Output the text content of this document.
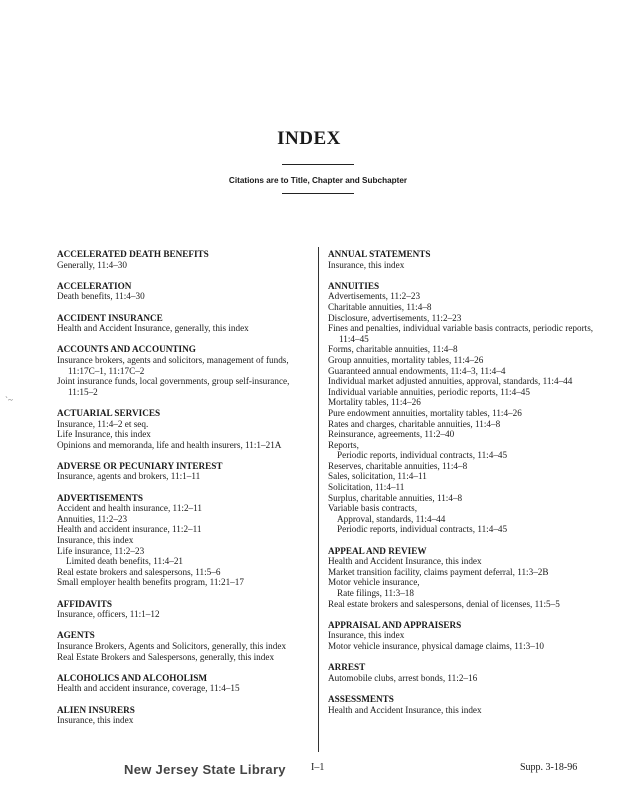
INDEX
Citations are to Title, Chapter and Subchapter
ACCELERATED DEATH BENEFITS
Generally, 11:4–30
ACCELERATION
Death benefits, 11:4–30
ACCIDENT INSURANCE
Health and Accident Insurance, generally, this index
ACCOUNTS AND ACCOUNTING
Insurance brokers, agents and solicitors, management of funds, 11:17C–1, 11:17C–2
Joint insurance funds, local governments, group self-insurance, 11:15–2
ACTUARIAL SERVICES
Insurance, 11:4–2 et seq.
Life Insurance, this index
Opinions and memoranda, life and health insurers, 11:1–21A
ADVERSE OR PECUNIARY INTEREST
Insurance, agents and brokers, 11:1–11
ADVERTISEMENTS
Accident and health insurance, 11:2–11
Annuities, 11:2–23
Health and accident insurance, 11:2–11
Insurance, this index
Life insurance, 11:2–23
Limited death benefits, 11:4–21
Real estate brokers and salespersons, 11:5–6
Small employer health benefits program, 11:21–17
AFFIDAVITS
Insurance, officers, 11:1–12
AGENTS
Insurance Brokers, Agents and Solicitors, generally, this index
Real Estate Brokers and Salespersons, generally, this index
ALCOHOLICS AND ALCOHOLISM
Health and accident insurance, coverage, 11:4–15
ALIEN INSURERS
Insurance, this index
ANNUAL STATEMENTS
Insurance, this index
ANNUITIES
Advertisements, 11:2–23
Charitable annuities, 11:4–8
Disclosure, advertisements, 11:2–23
Fines and penalties, individual variable basis contracts, periodic reports, 11:4–45
Forms, charitable annuities, 11:4–8
Group annuities, mortality tables, 11:4–26
Guaranteed annual endowments, 11:4–3, 11:4–4
Individual market adjusted annuities, approval, standards, 11:4–44
Individual variable annuities, periodic reports, 11:4–45
Mortality tables, 11:4–26
Pure endowment annuities, mortality tables, 11:4–26
Rates and charges, charitable annuities, 11:4–8
Reinsurance, agreements, 11:2–40
Reports,
Periodic reports, individual contracts, 11:4–45
Reserves, charitable annuities, 11:4–8
Sales, solicitation, 11:4–11
Solicitation, 11:4–11
Surplus, charitable annuities, 11:4–8
Variable basis contracts,
Approval, standards, 11:4–44
Periodic reports, individual contracts, 11:4–45
APPEAL AND REVIEW
Health and Accident Insurance, this index
Market transition facility, claims payment deferral, 11:3–2B
Motor vehicle insurance,
Rate filings, 11:3–18
Real estate brokers and salespersons, denial of licenses, 11:5–5
APPRAISAL AND APPRAISERS
Insurance, this index
Motor vehicle insurance, physical damage claims, 11:3–10
ARREST
Automobile clubs, arrest bonds, 11:2–16
ASSESSMENTS
Health and Accident Insurance, this index
`~
New Jersey State Library	I–1	Supp. 3-18-96
